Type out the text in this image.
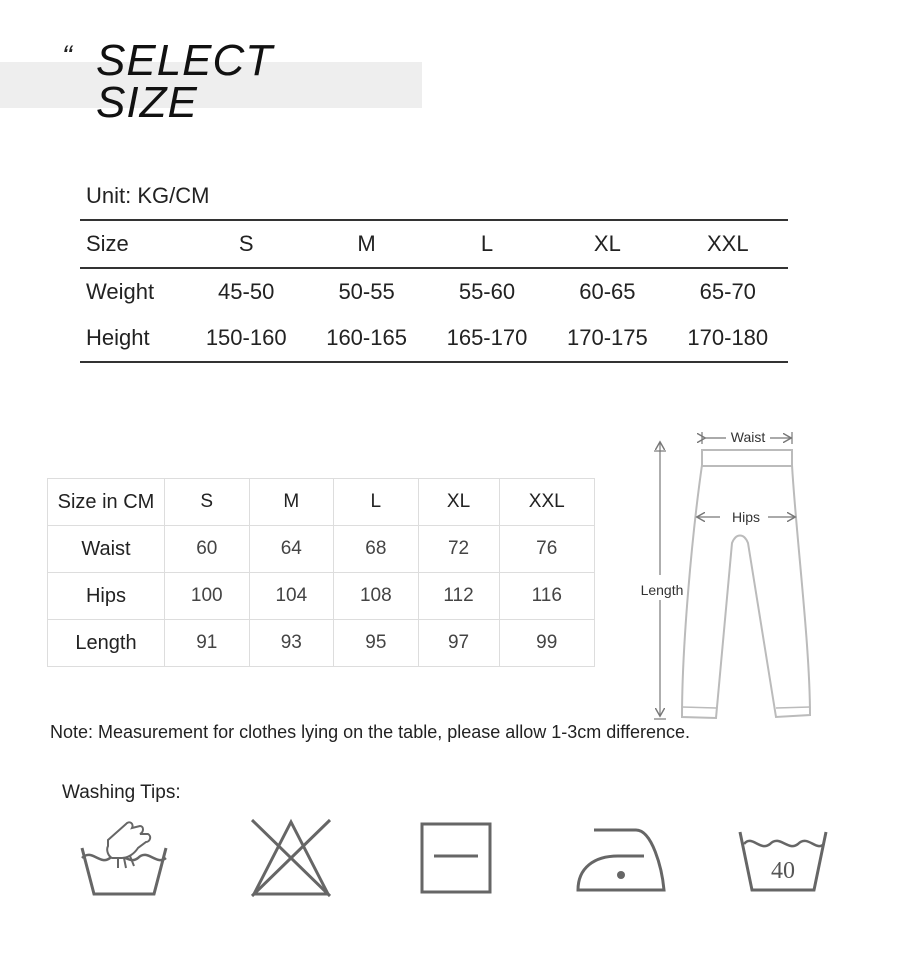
“ SELECT
SIZE
Unit: KG/CM
Size	S	M	L	XL	XXL
Weight	45-50	50-55	55-60	60-65	65-70
Height	150-160	160-165	165-170	170-175	170-180
Size in CM	S	M	L	XL	XXL
Waist	60	64	68	72	76
Hips	100	104	108	112	116
Length	91	93	95	97	99
Waist
Hips
Length
Note: Measurement for clothes lying on the table, please allow 1-3cm difference.
Washing Tips:
40
